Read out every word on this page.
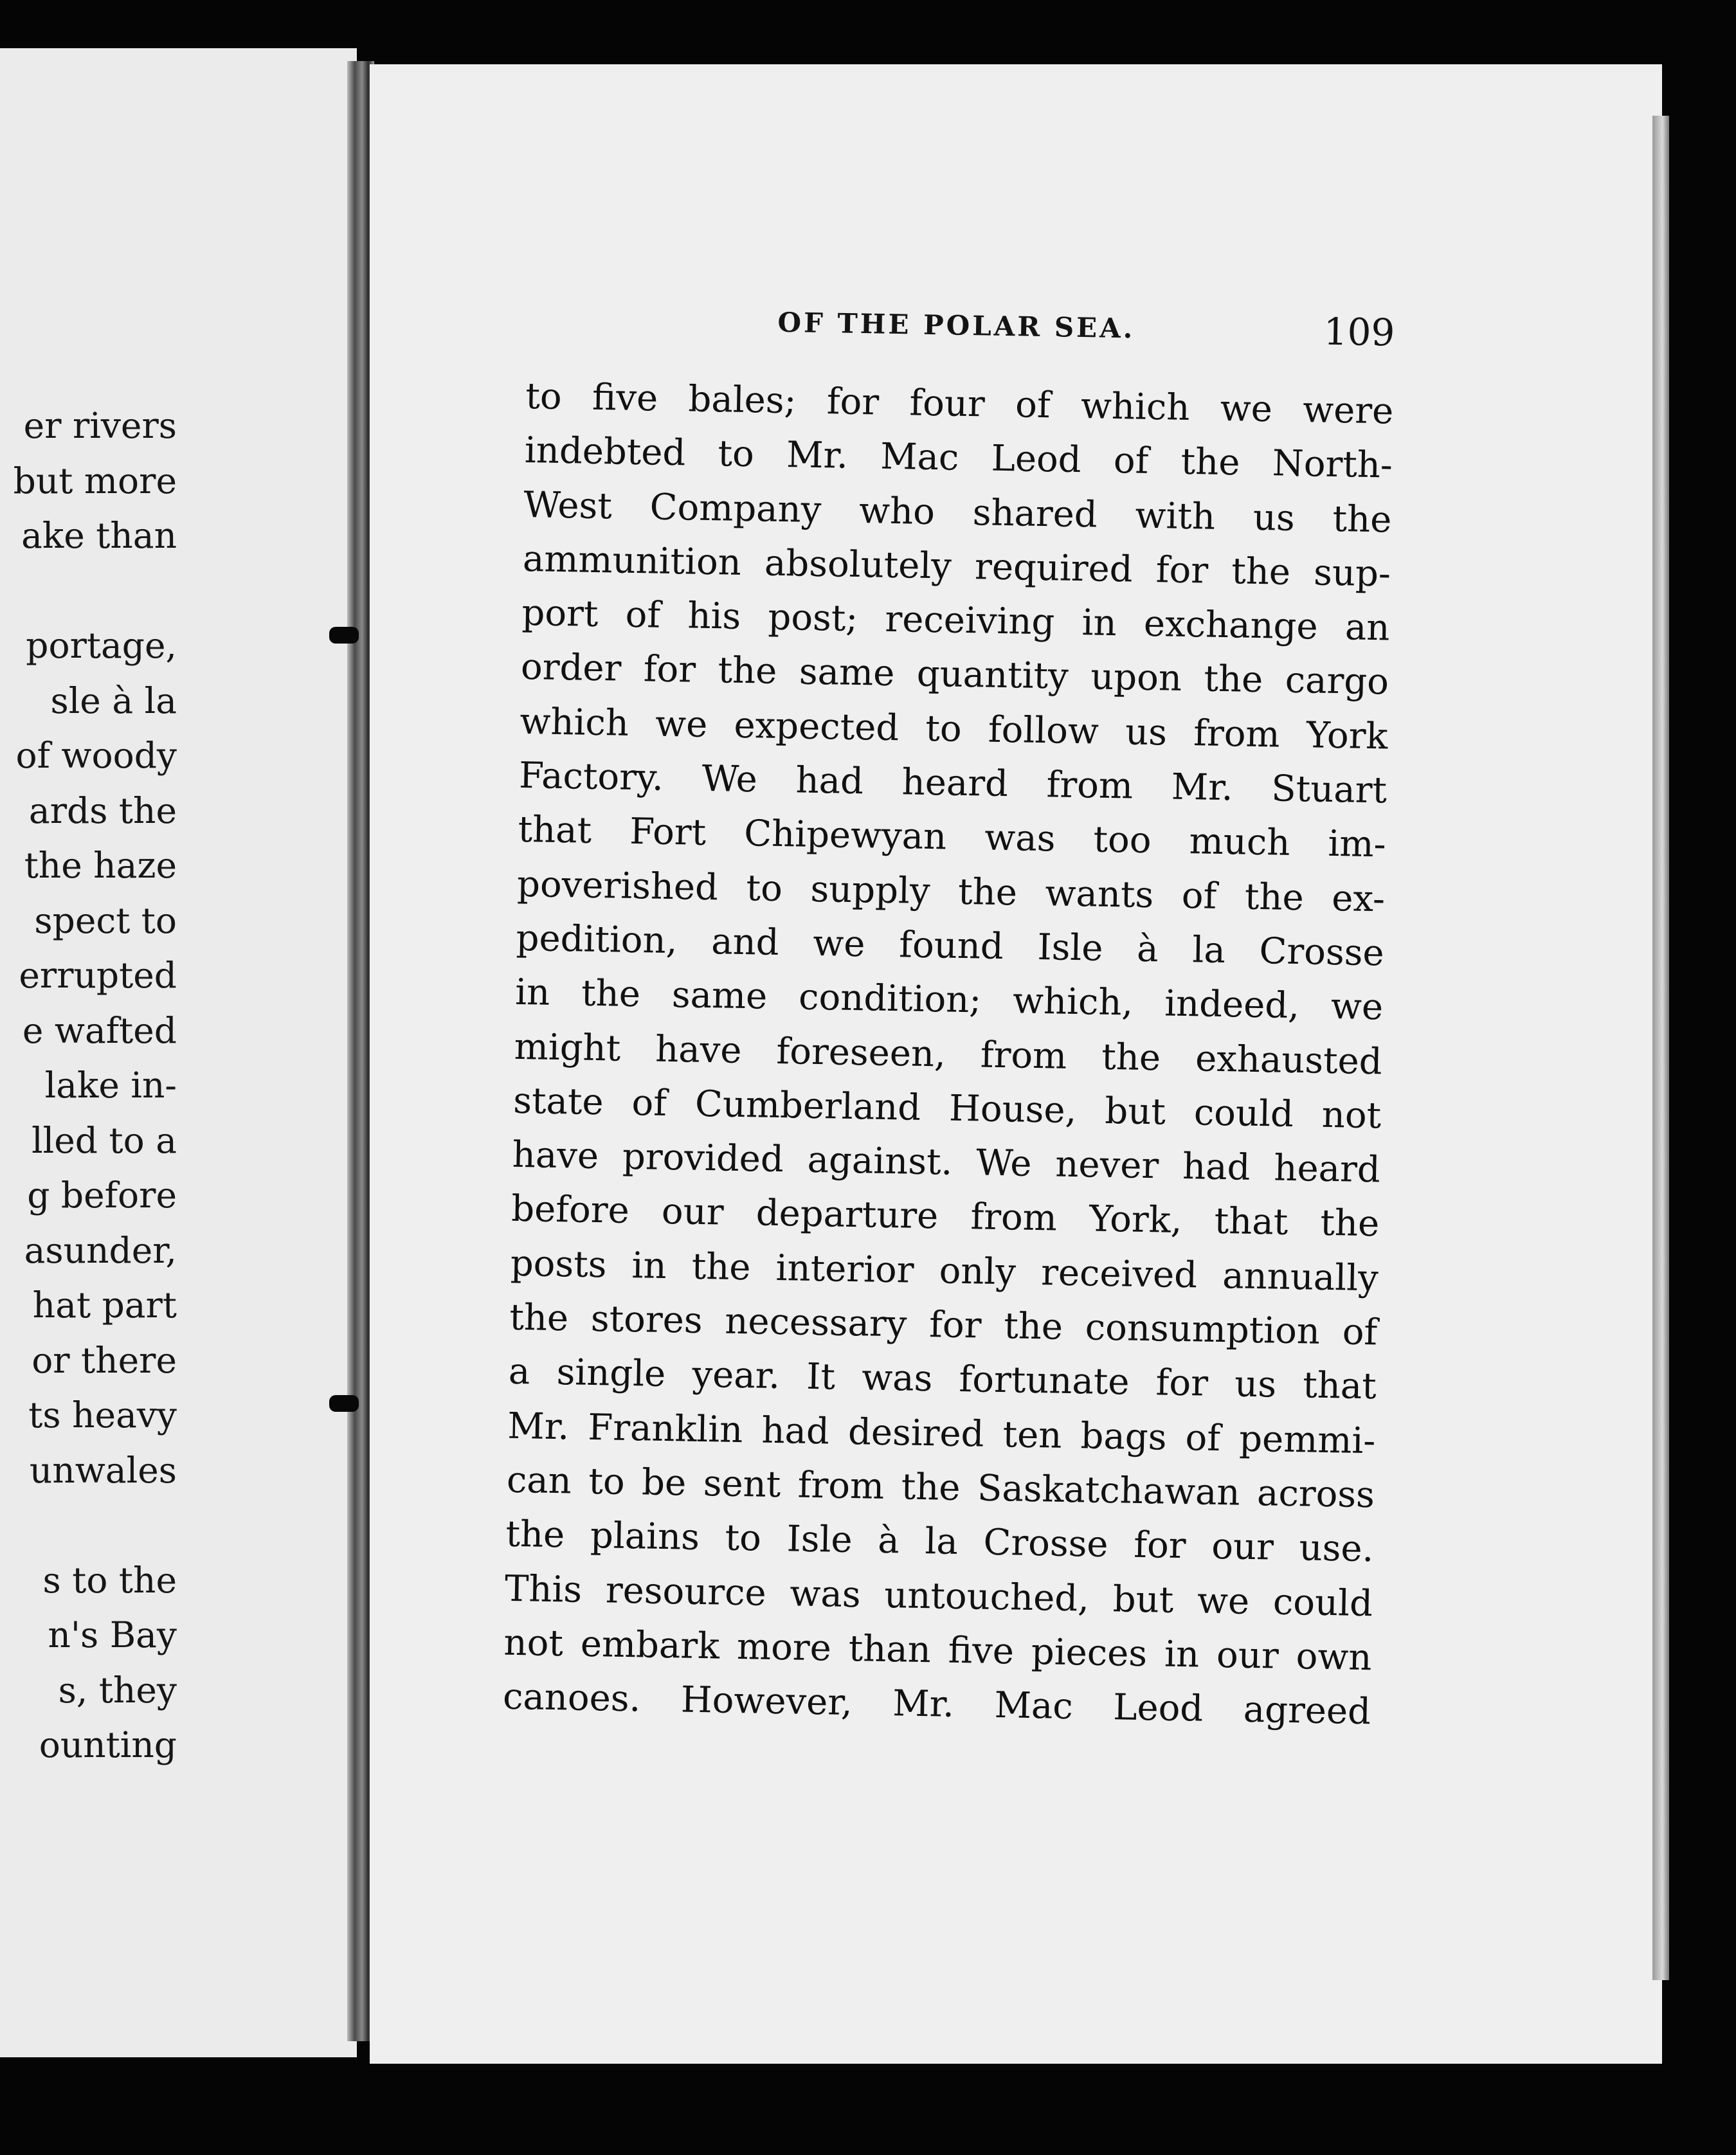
er rivers
but more
ake than
portage,
sle à la
of woody
ards the
the haze
spect to
errupted
e wafted
lake in-
lled to a
g before
asunder,
hat part
or there
ts heavy
unwales
s to the
n's Bay
s, they
ounting
OF THE POLAR SEA.	109
to five bales; for four of which we were
indebted to Mr. Mac Leod of the North-
West Company who shared with us the
ammunition absolutely required for the sup-
port of his post; receiving in exchange an
order for the same quantity upon the cargo
which we expected to follow us from York
Factory. We had heard from Mr. Stuart
that Fort Chipewyan was too much im-
poverished to supply the wants of the ex-
pedition, and we found Isle à la Crosse
in the same condition; which, indeed, we
might have foreseen, from the exhausted
state of Cumberland House, but could not
have provided against. We never had heard
before our departure from York, that the
posts in the interior only received annually
the stores necessary for the consumption of
a single year. It was fortunate for us that
Mr. Franklin had desired ten bags of pemmi-
can to be sent from the Saskatchawan across
the plains to Isle à la Crosse for our use.
This resource was untouched, but we could
not embark more than five pieces in our own
canoes. However, Mr. Mac Leod agreed
